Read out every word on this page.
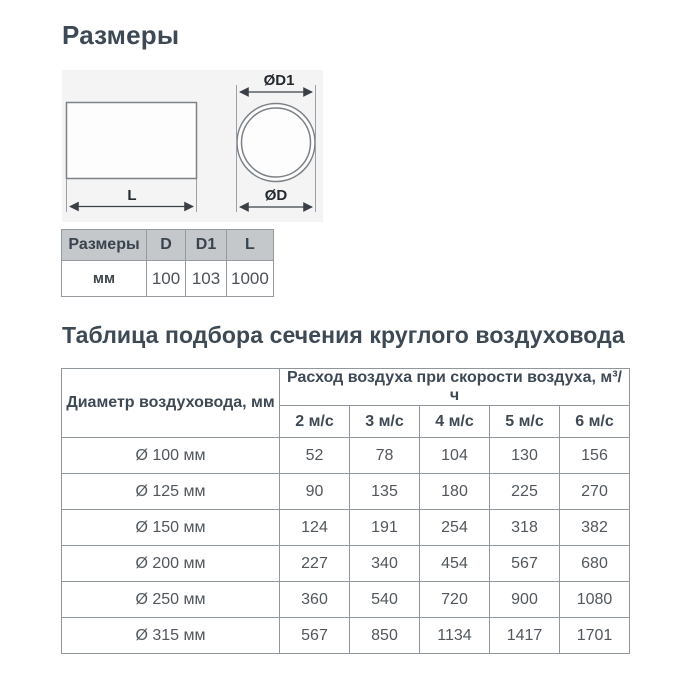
Размеры
L
ØD1
ØD
Размеры	D	D1	L
мм	100	103	1000
Таблица подбора сечения круглого воздуховода
Диаметр воздуховода, мм	Расход воздуха при скорости воздуха, м³/ч				
	2 м/с	3 м/с	4 м/с	5 м/с	6 м/с
Ø 100 мм	52	78	104	130	156
Ø 125 мм	90	135	180	225	270
Ø 150 мм	124	191	254	318	382
Ø 200 мм	227	340	454	567	680
Ø 250 мм	360	540	720	900	1080
Ø 315 мм	567	850	1134	1417	1701
